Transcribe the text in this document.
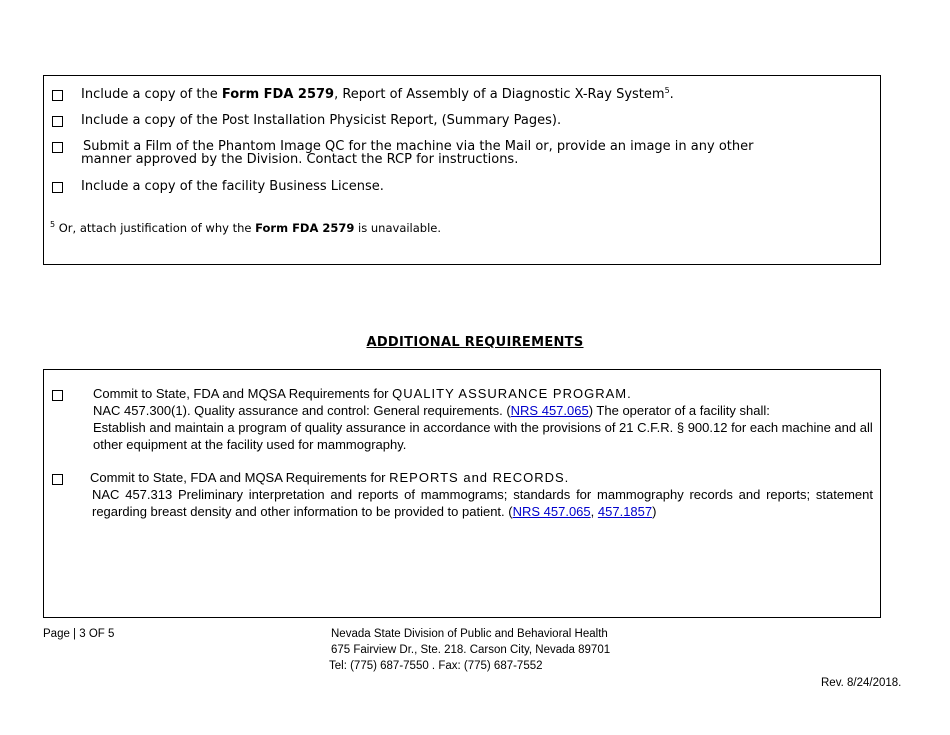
Include a copy of the Form FDA 2579, Report of Assembly of a Diagnostic X-Ray System$^5$.
Include a copy of the Post Installation Physicist Report, (Summary Pages).
Submit a Film of the Phantom Image QC for the machine via the Mail or, provide an image in any other
manner approved by the Division. Contact the RCP for instructions.
Include a copy of the facility Business License.
$^5$ Or, attach justification of why the Form FDA 2579 is unavailable.
ADDITIONAL REQUIREMENTS
Commit to State, FDA and MQSA Requirements for QUALITY ASSURANCE PROGRAM.
NAC 457.300(1). Quality assurance and control: General requirements. (NRS 457.065) The operator of a facility shall:
Establish and maintain a program of quality assurance in accordance with the provisions of 21 C.F.R. § 900.12 for each machine and all other equipment at the facility used for mammography.
Commit to State, FDA and MQSA Requirements for REPORTS and RECORDS.
NAC 457.313 Preliminary interpretation and reports of mammograms; standards for mammography records and reports; statement regarding breast density and other information to be provided to patient. (NRS 457.065, 457.1857)
Page | 3 OF 5	Nevada State Division of Public and Behavioral Health
675 Fairview Dr., Ste. 218. Carson City, Nevada 89701
Tel: (775) 687-7550 . Fax: (775) 687-7552
Rev. 8/24/2018.
